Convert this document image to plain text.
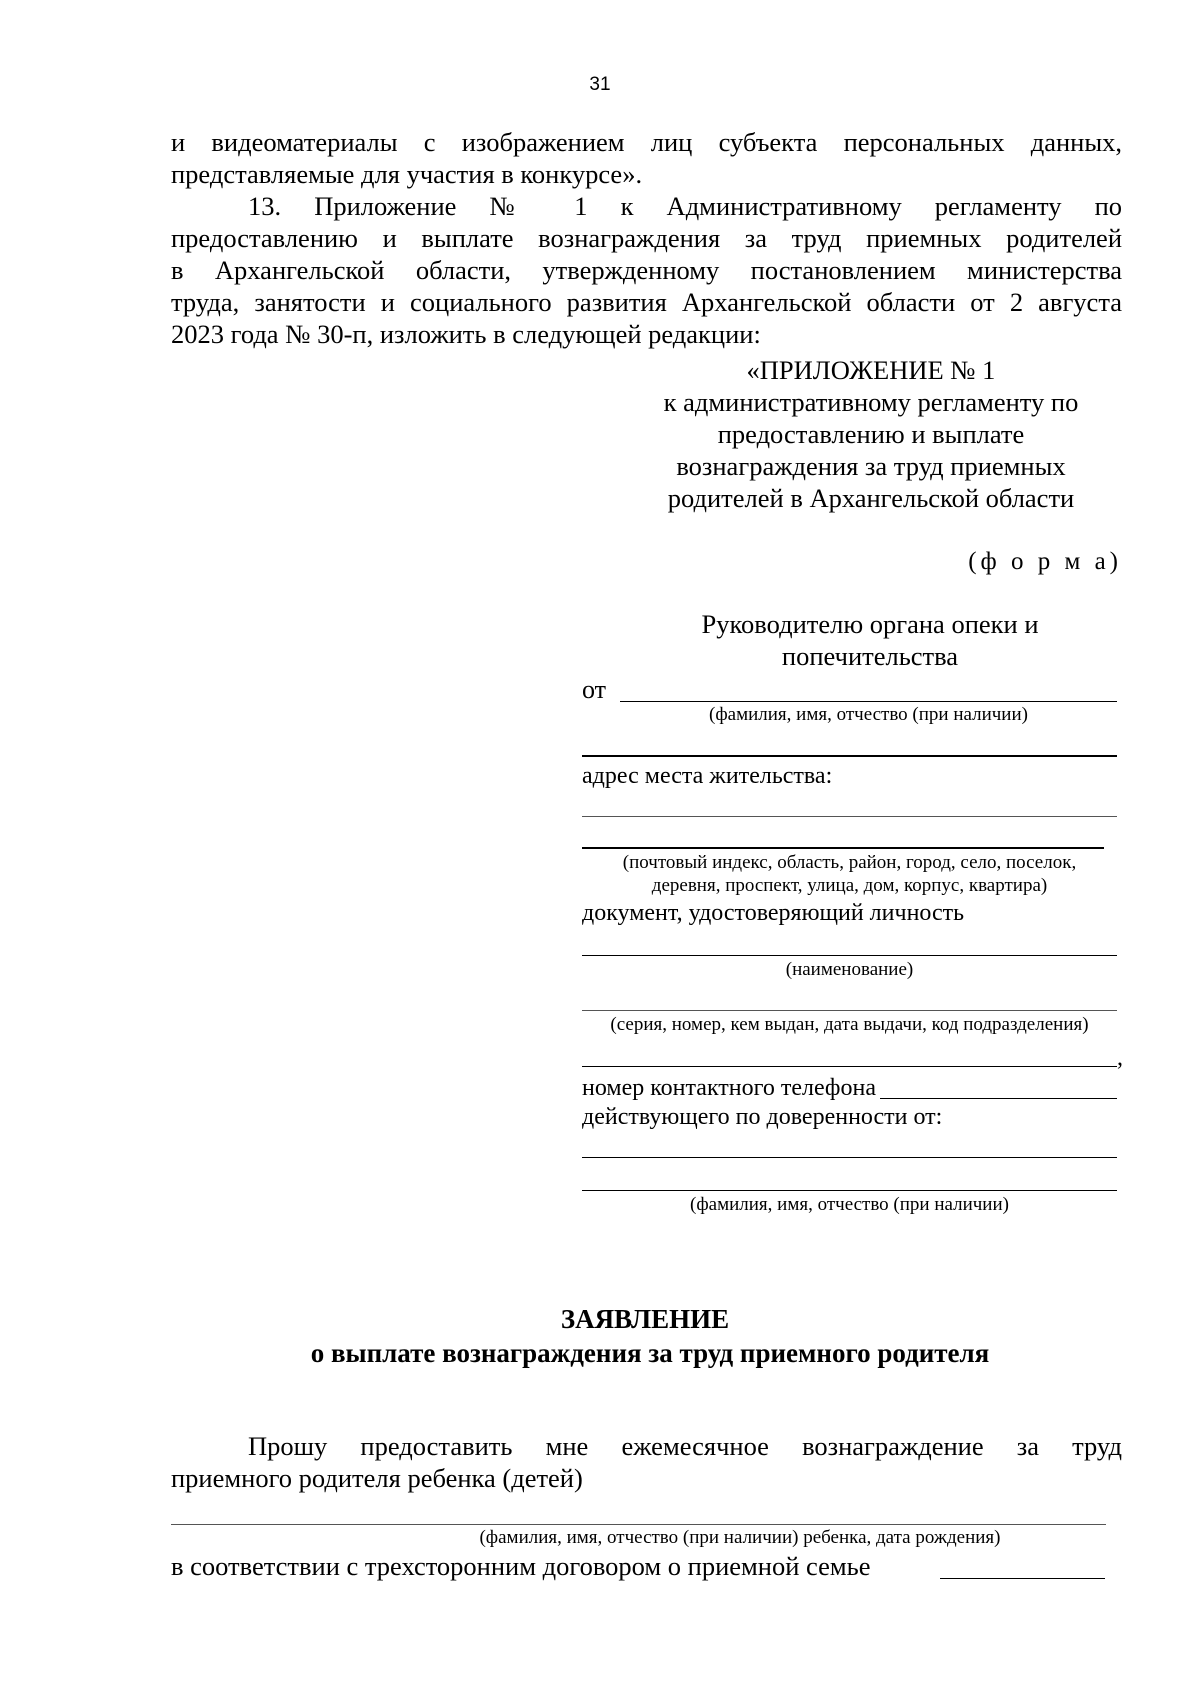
31
и видеоматериалы с изображением лиц субъекта персональных данных,
представляемые для участия в конкурсе».
13. Приложение № 1 к Административному регламенту по
предоставлению и выплате вознаграждения за труд приемных родителей
в Архангельской области, утвержденному постановлением министерства
труда, занятости и социального развития Архангельской области от 2 августа
2023 года № 30-п, изложить в следующей редакции:
«ПРИЛОЖЕНИЕ № 1
к административному регламенту по
предоставлению и выплате
вознаграждения за труд приемных
родителей в Архангельской области
(ф о р м а)
Руководителю органа опеки и
попечительства
от
(фамилия, имя, отчество (при наличии)
адрес места жительства:
(почтовый индекс, область, район, город, село, поселок,
деревня, проспект, улица, дом, корпус, квартира)
документ, удостоверяющий личность
(наименование)
(серия, номер, кем выдан, дата выдачи, код подразделения)
,
номер контактного телефона
действующего по доверенности от:
(фамилия, имя, отчество (при наличии)
ЗАЯВЛЕНИЕ
о выплате вознаграждения за труд приемного родителя
Прошу предоставить мне ежемесячное вознаграждение за труд
приемного родителя ребенка (детей)
(фамилия, имя, отчество (при наличии) ребенка, дата рождения)
в соответствии с трехсторонним договором о приемной семье
